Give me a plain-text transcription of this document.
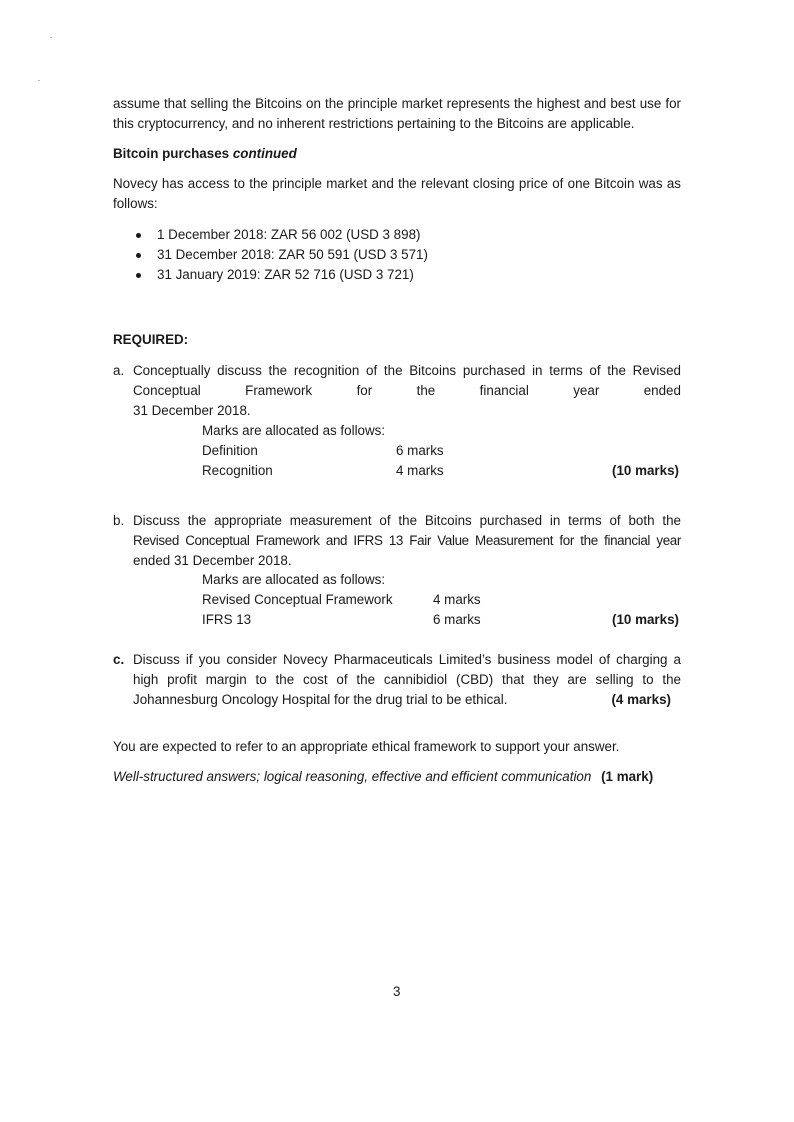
assume that selling the Bitcoins on the principle market represents the highest and best use for this cryptocurrency, and no inherent restrictions pertaining to the Bitcoins are applicable.
Bitcoin purchases continued
Novecy has access to the principle market and the relevant closing price of one Bitcoin was as follows:
1 December 2018: ZAR 56 002 (USD 3 898)
31 December 2018: ZAR 50 591 (USD 3 571)
31 January 2019: ZAR 52 716 (USD 3 721)
REQUIRED:
a. Conceptually discuss the recognition of the Bitcoins purchased in terms of the Revised
Conceptual	Framework	for	the	financial	year	ended
31 December 2018.
Marks are allocated as follows:
Definition	6 marks
Recognition	4 marks	(10 marks)
b. Discuss the appropriate measurement of the Bitcoins purchased in terms of both the
Revised Conceptual Framework and IFRS 13 Fair Value Measurement for the financial year
ended 31 December 2018.
Marks are allocated as follows:
Revised Conceptual Framework	4 marks
IFRS 13	6 marks	(10 marks)
c. Discuss if you consider Novecy Pharmaceuticals Limited’s business model of charging a
high profit margin to the cost of the cannibidiol (CBD) that they are selling to the
Johannesburg Oncology Hospital for the drug trial to be ethical.	(4 marks)
You are expected to refer to an appropriate ethical framework to support your answer.
Well-structured answers; logical reasoning, effective and efficient communication (1 mark)
3
